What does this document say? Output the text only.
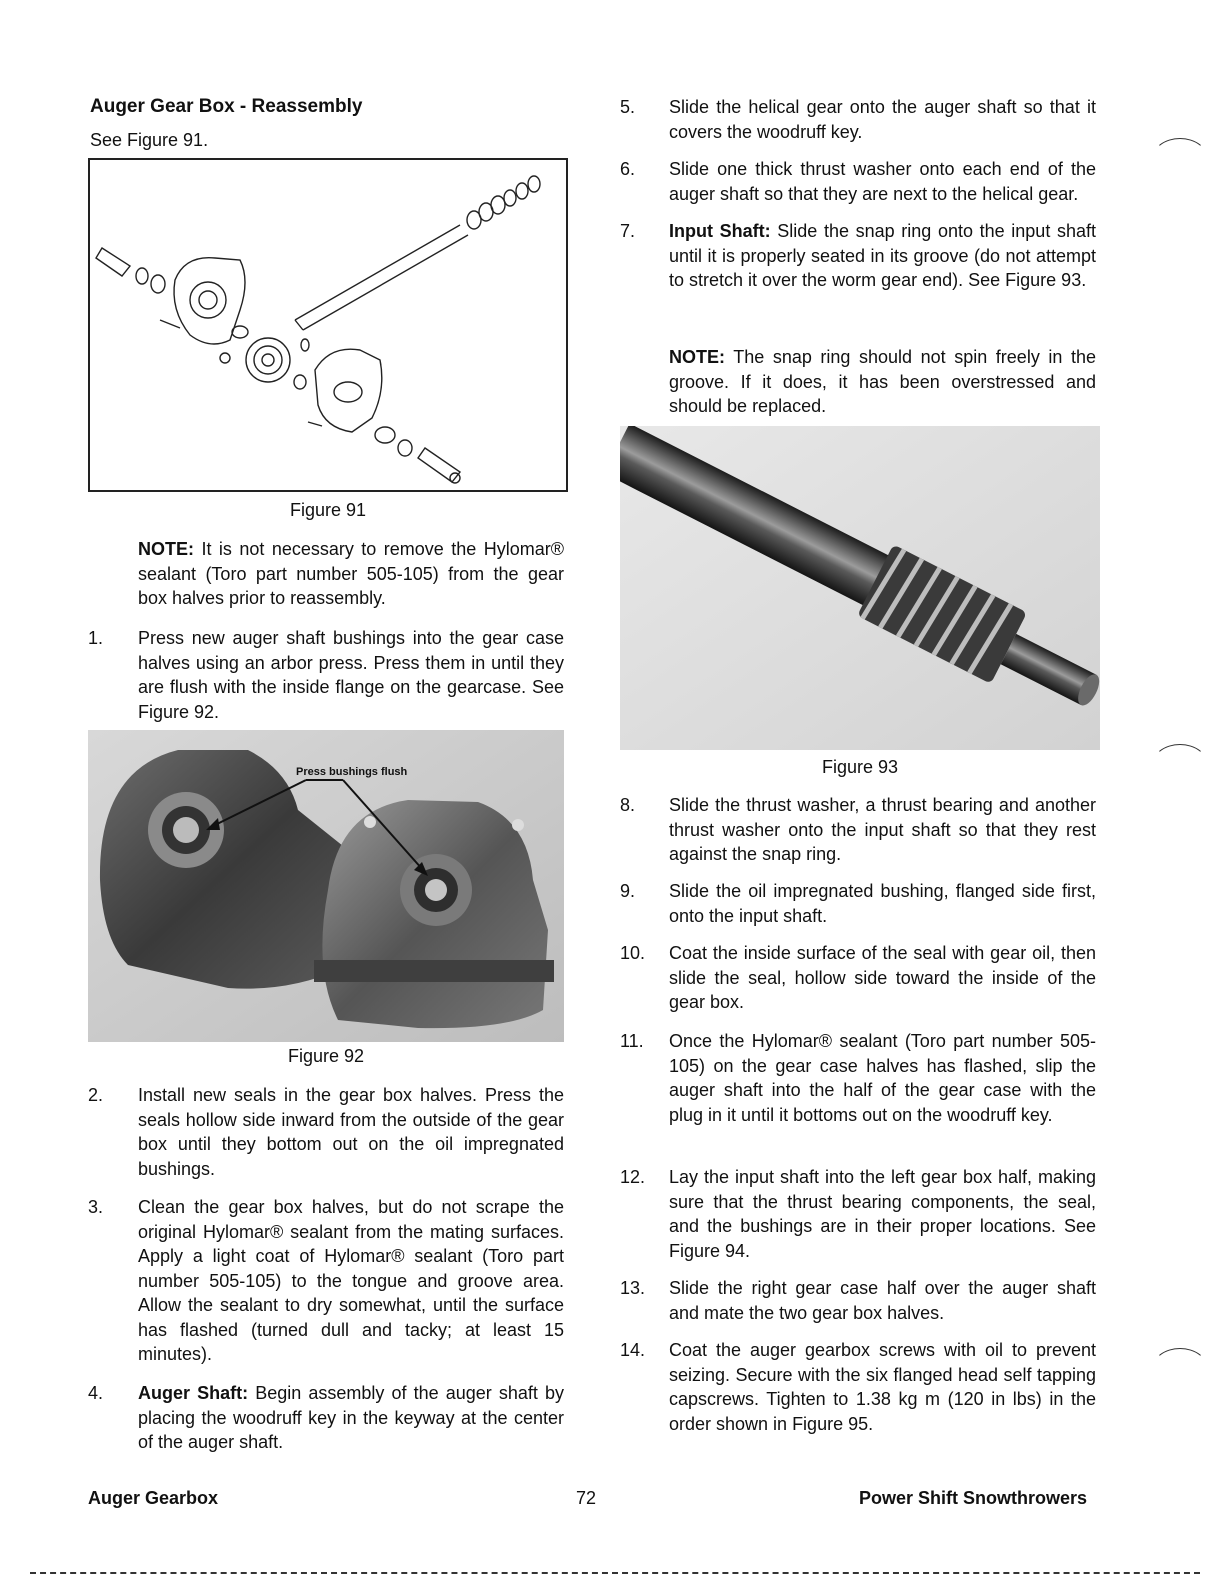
Auger Gear Box - Reassembly
See Figure 91.
Figure 91
NOTE: It is not necessary to remove the Hylomar® sealant (Toro part number 505-105) from the gear box halves prior to reassembly.
1. Press new auger shaft bushings into the gear case halves using an arbor press. Press them in until they are flush with the inside flange on the gearcase. See Figure 92.
Press bushings flush
Figure 92
2. Install new seals in the gear box halves. Press the seals hollow side inward from the outside of the gear box until they bottom out on the oil impregnated bushings.
3. Clean the gear box halves, but do not scrape the original Hylomar® sealant from the mating surfaces. Apply a light coat of Hylomar® sealant (Toro part number 505-105) to the tongue and groove area. Allow the sealant to dry somewhat, until the surface has flashed (turned dull and tacky; at least 15 minutes).
4. Auger Shaft: Begin assembly of the auger shaft by placing the woodruff key in the keyway at the center of the auger shaft.
5. Slide the helical gear onto the auger shaft so that it covers the woodruff key.
6. Slide one thick thrust washer onto each end of the auger shaft so that they are next to the helical gear.
7. Input Shaft: Slide the snap ring onto the input shaft until it is properly seated in its groove (do not attempt to stretch it over the worm gear end). See Figure 93.
NOTE: The snap ring should not spin freely in the groove. If it does, it has been overstressed and should be replaced.
Figure 93
8. Slide the thrust washer, a thrust bearing and another thrust washer onto the input shaft so that they rest against the snap ring.
9. Slide the oil impregnated bushing, flanged side first, onto the input shaft.
10. Coat the inside surface of the seal with gear oil, then slide the seal, hollow side toward the inside of the gear box.
11. Once the Hylomar® sealant (Toro part number 505-105) on the gear case halves has flashed, slip the auger shaft into the half of the gear case with the plug in it until it bottoms out on the woodruff key.
12. Lay the input shaft into the left gear box half, making sure that the thrust bearing components, the seal, and the bushings are in their proper locations. See Figure 94.
13. Slide the right gear case half over the auger shaft and mate the two gear box halves.
14. Coat the auger gearbox screws with oil to prevent seizing. Secure with the six flanged head self tapping capscrews. Tighten to 1.38 kg m (120 in lbs) in the order shown in Figure 95.
Auger Gearbox	72	Power Shift Snowthrowers
